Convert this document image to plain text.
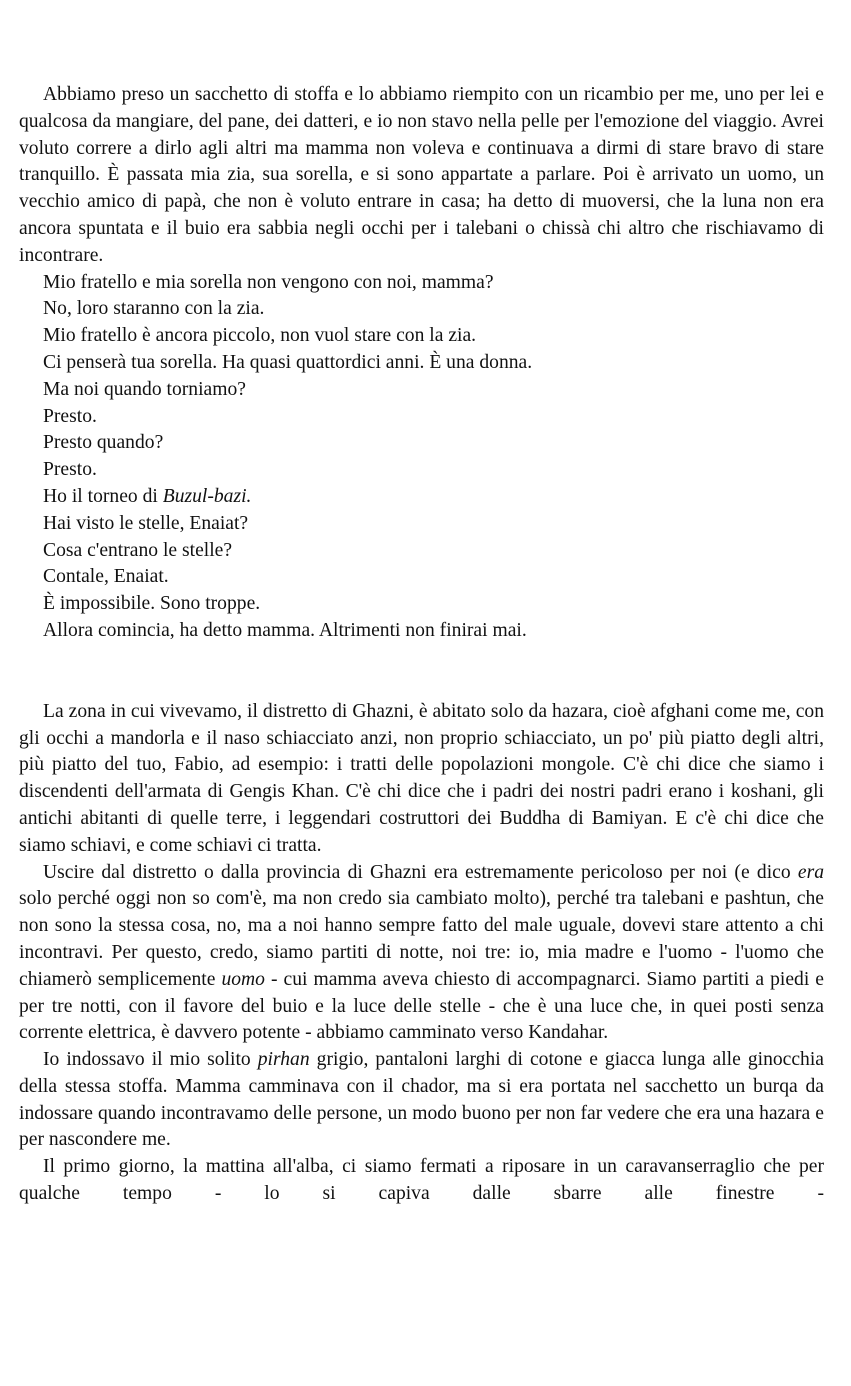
Abbiamo preso un sacchetto di stoffa e lo abbiamo riempito con un ricambio per me, uno per lei e qualcosa da mangiare, del pane, dei datteri, e io non stavo nella pelle per l'emozione del viaggio. Avrei voluto correre a dirlo agli altri ma mamma non voleva e continuava a dirmi di stare bravo di stare tranquillo. È passata mia zia, sua sorella, e si sono appartate a parlare. Poi è arrivato un uomo, un vecchio amico di papà, che non è voluto entrare in casa; ha detto di muoversi, che la luna non era ancora spuntata e il buio era sabbia negli occhi per i talebani o chissà chi altro che rischiavamo di incontrare.

Mio fratello e mia sorella non vengono con noi, mamma?

No, loro staranno con la zia.

Mio fratello è ancora piccolo, non vuol stare con la zia.

Ci penserà tua sorella. Ha quasi quattordici anni. È una donna.

Ma noi quando torniamo?

Presto.

Presto quando?

Presto.

Ho il torneo di Buzul-bazi.

Hai visto le stelle, Enaiat?

Cosa c'entrano le stelle?

Contale, Enaiat.

È impossibile. Sono troppe.

Allora comincia, ha detto mamma. Altrimenti non finirai mai.

La zona in cui vivevamo, il distretto di Ghazni, è abitato solo da hazara, cioè afghani come me, con gli occhi a mandorla e il naso schiacciato anzi, non proprio schiacciato, un po' più piatto degli altri, più piatto del tuo, Fabio, ad esempio: i tratti delle popolazioni mongole. C'è chi dice che siamo i discendenti dell'armata di Gengis Khan. C'è chi dice che i padri dei nostri padri erano i koshani, gli antichi abitanti di quelle terre, i leggendari costruttori dei Buddha di Bamiyan. E c'è chi dice che siamo schiavi, e come schiavi ci tratta.

Uscire dal distretto o dalla provincia di Ghazni era estremamente pericoloso per noi (e dico era solo perché oggi non so com'è, ma non credo sia cambiato molto), perché tra talebani e pashtun, che non sono la stessa cosa, no, ma a noi hanno sempre fatto del male uguale, dovevi stare attento a chi incontravi. Per questo, credo, siamo partiti di notte, noi tre: io, mia madre e l'uomo - l'uomo che chiamerò semplicemente uomo - cui mamma aveva chiesto di accompagnarci. Siamo partiti a piedi e per tre notti, con il favore del buio e la luce delle stelle - che è una luce che, in quei posti senza corrente elettrica, è davvero potente - abbiamo camminato verso Kandahar.

Io indossavo il mio solito pirhan grigio, pantaloni larghi di cotone e giacca lunga alle ginocchia della stessa stoffa. Mamma camminava con il chador, ma si era portata nel sacchetto un burqa da indossare quando incontravamo delle persone, un modo buono per non far vedere che era una hazara e per nascondere me.

Il primo giorno, la mattina all'alba, ci siamo fermati a riposare in un caravanserraglio che per qualche tempo - lo si capiva dalle sbarre alle finestre -
